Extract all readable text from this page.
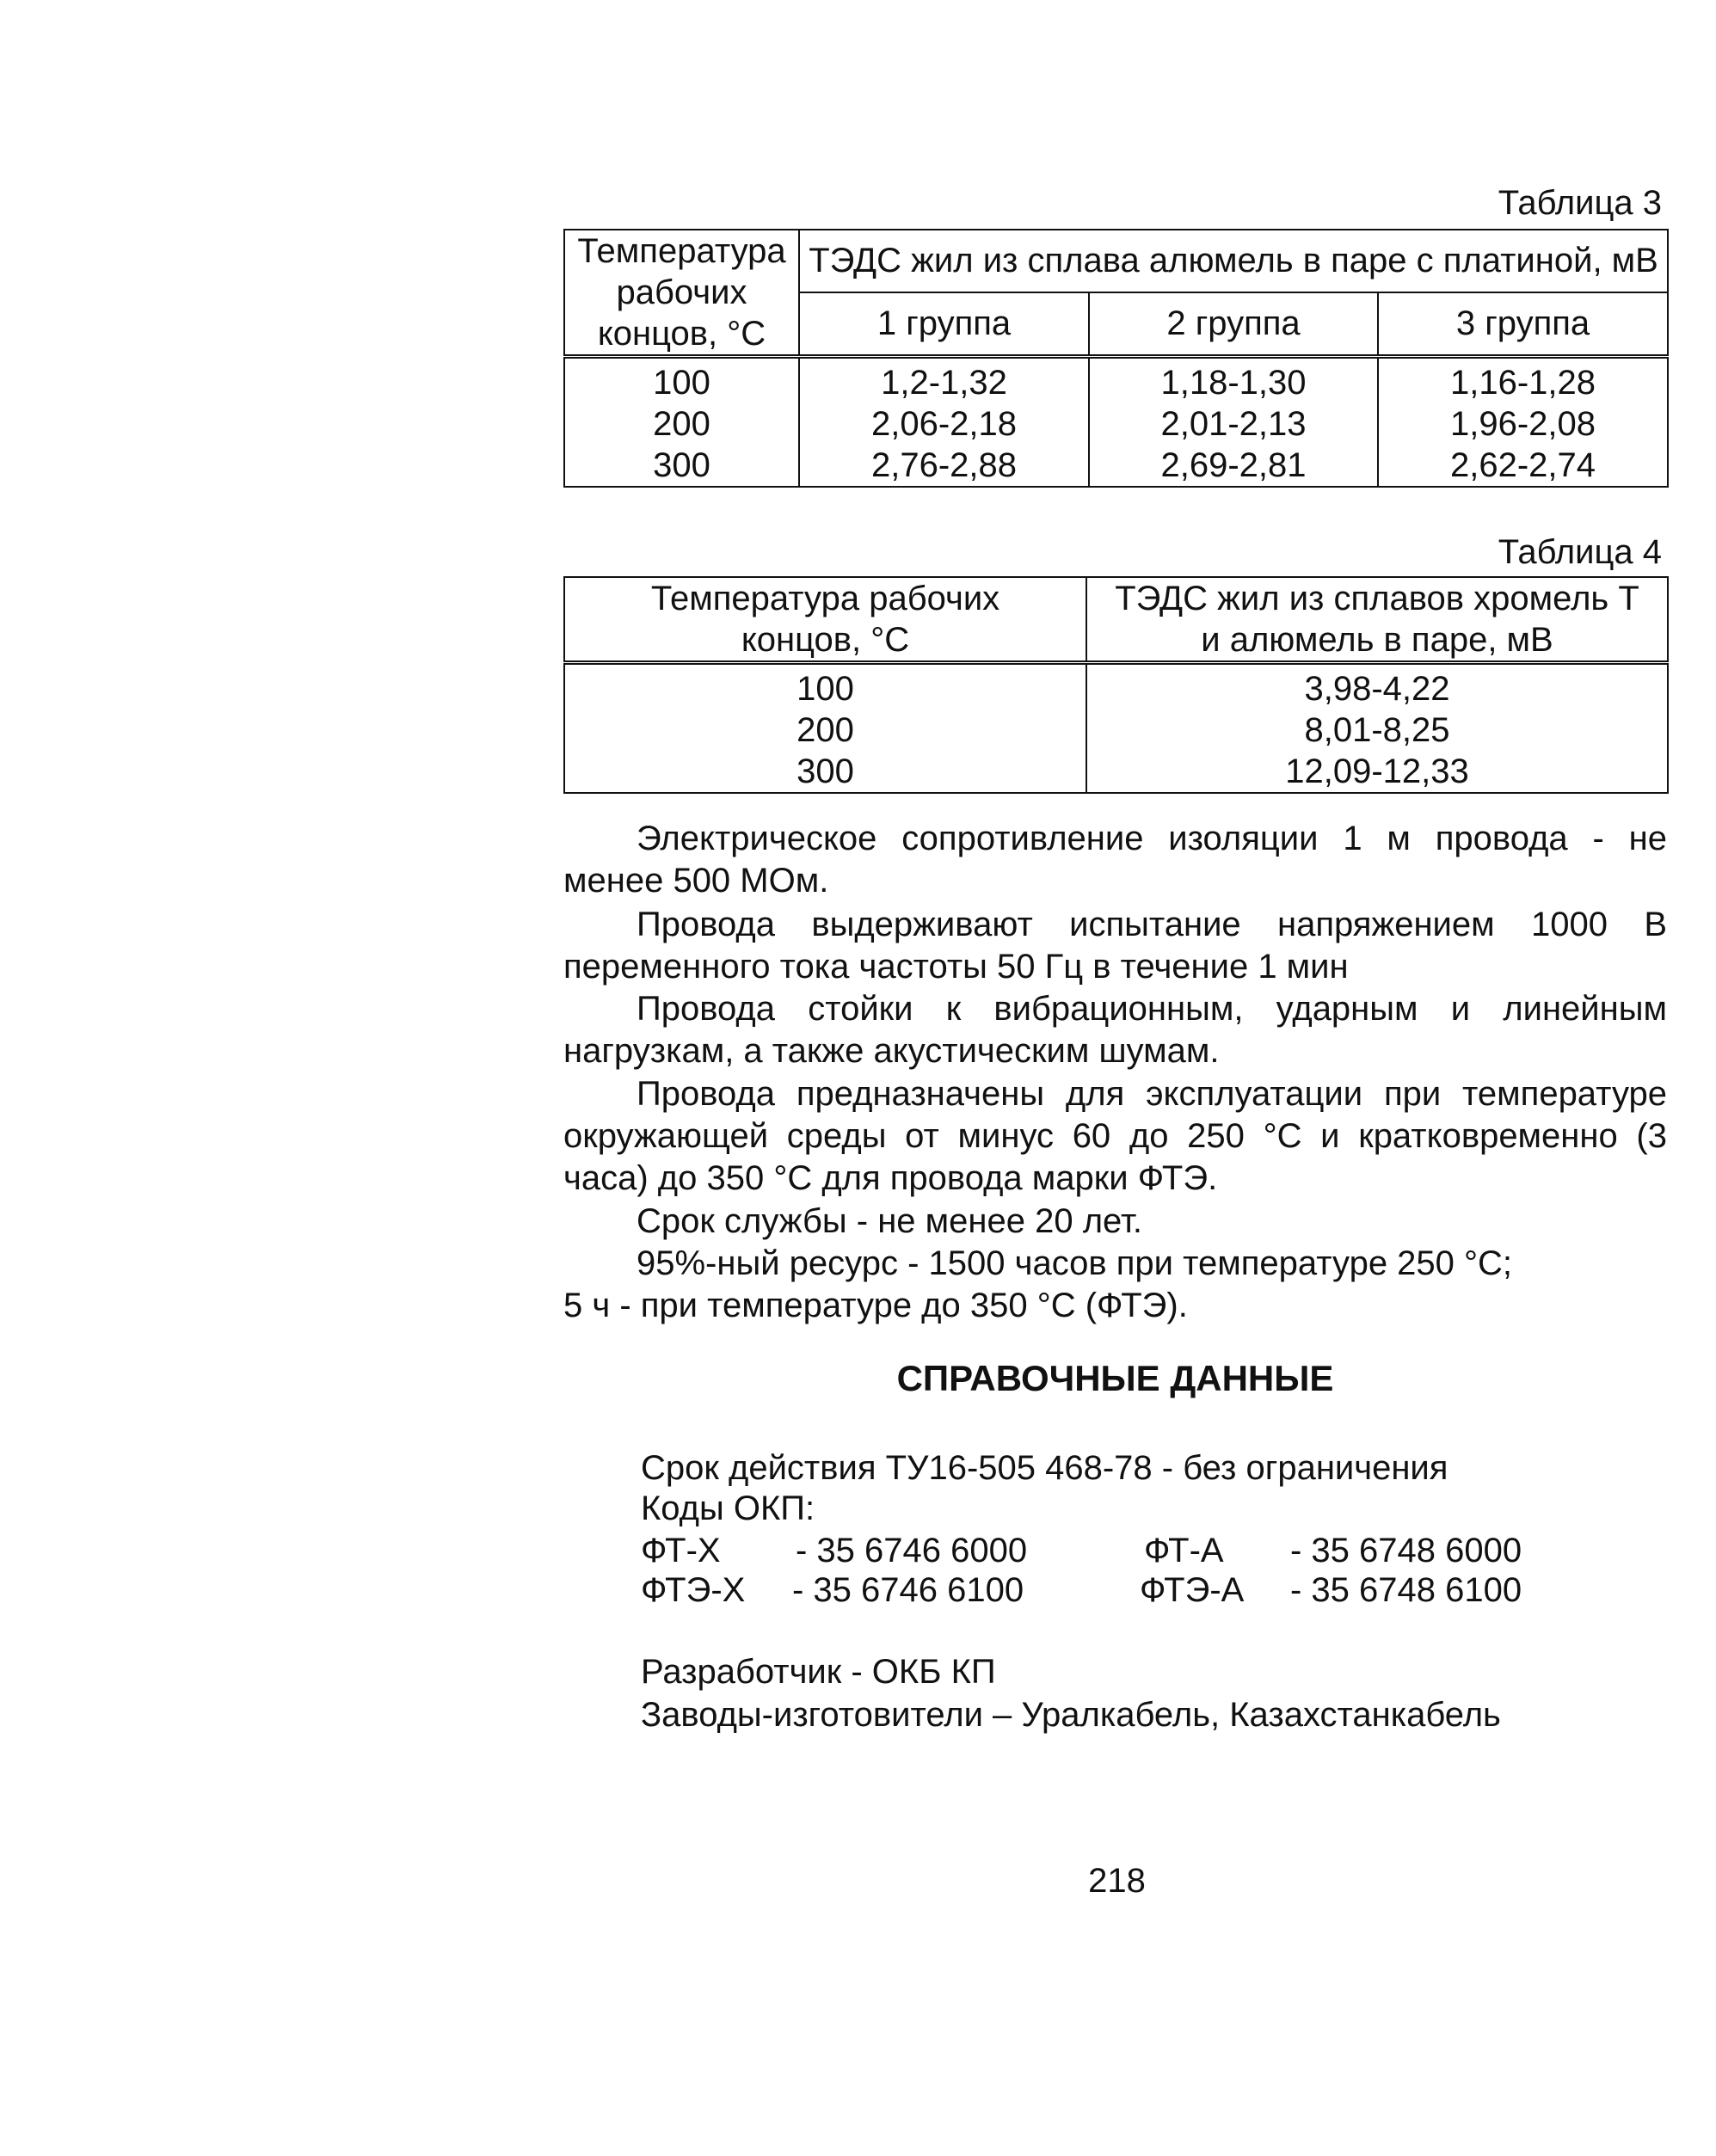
Таблица 3
Температура рабочих концов, °С	ТЭДС жил из сплава алюмель в паре с платиной, мВ		
	1 группа	2 группа	3 группа
100	1,2-1,32	1,18-1,30	1,16-1,28
200	2,06-2,18	2,01-2,13	1,96-2,08
300	2,76-2,88	2,69-2,81	2,62-2,74
Таблица 4
Температура рабочих концов, °С	ТЭДС жил из сплавов хромель Т и алюмель в паре, мВ
100	3,98-4,22
200	8,01-8,25
300	12,09-12,33
Электрическое сопротивление изоляции 1 м провода - не менее 500 МОм.
Провода выдерживают испытание напряжением 1000 В переменного тока частоты 50 Гц в течение 1 мин
Провода стойки к вибрационным, ударным и линейным нагрузкам, а также акустическим шумам.
Провода предназначены для эксплуатации при температуре окружающей среды от минус 60 до 250 °С и кратковременно (3 часа) до 350 °С для провода марки ФТЭ.
Срок службы - не менее 20 лет.
95%-ный ресурс - 1500 часов при температуре 250 °С;
5 ч - при температуре до 350 °С (ФТЭ).
СПРАВОЧНЫЕ ДАННЫЕ
Срок действия ТУ16-505 468-78 - без ограничения
Коды ОКП:
ФТ-Х - 35 6746 6000	ФТ-А - 35 6748 6000
ФТЭ-Х - 35 6746 6100	ФТЭ-А - 35 6748 6100
Разработчик - ОКБ КП
Заводы-изготовители – Уралкабель, Казахстанкабель
218
